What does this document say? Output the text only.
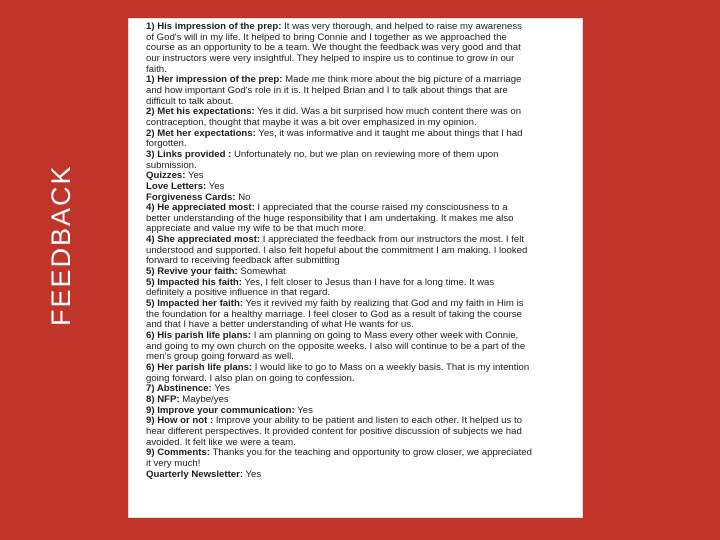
FEEDBACK
1) His impression of the prep: It was very thorough, and helped to raise my awareness
of God's will in my life. It helped to bring Connie and I together as we approached the
course as an opportunity to be a team. We thought the feedback was very good and that
our instructors were very insightful. They helped to inspire us to continue to grow in our
faith.
1) Her impression of the prep: Made me think more about the big picture of a marriage
and how important God's role in it is. It helped Brian and I to talk about things that are
difficult to talk about.
2) Met his expectations: Yes it did. Was a bit surprised how much content there was on
contraception, thought that maybe it was a bit over emphasized in my opinion.
2) Met her expectations: Yes, it was informative and it taught me about things that I had
forgotten.
3) Links provided : Unfortunately no, but we plan on reviewing more of them upon
submission.
Quizzes: Yes
Love Letters: Yes
Forgiveness Cards: No
4) He appreciated most: I appreciated that the course raised my consciousness to a
better understanding of the huge responsibility that I am undertaking. It makes me also
appreciate and value my wife to be that much more.
4) She appreciated most: I appreciated the feedback from our instructors the most. I felt
understood and supported. I also felt hopeful about the commitment I am making. I looked
forward to receiving feedback after submitting
5) Revive your faith: Somewhat
5) Impacted his faith: Yes, I felt closer to Jesus than I have for a long time. It was
definitely a positive influence in that regard.
5) Impacted her faith: Yes it revived my faith by realizing that God and my faith in Him is
the foundation for a healthy marriage. I feel closer to God as a result of taking the course
and that I have a better understanding of what He wants for us.
6) His parish life plans: I am planning on going to Mass every other week with Connie,
and going to my own church on the opposite weeks. I also will continue to be a part of the
men's group going forward as well.
6) Her parish life plans: I would like to go to Mass on a weekly basis. That is my intention
going forward. I also plan on going to confession.
7) Abstinence: Yes
8) NFP: Maybe/yes
9) Improve your communication: Yes
9) How or not : Improve your ability to be patient and listen to each other. It helped us to
hear different perspectives. It provided content for positive discussion of subjects we had
avoided. It felt like we were a team.
9) Comments: Thanks you for the teaching and opportunity to grow closer, we appreciated
it very much!
Quarterly Newsletter: Yes
